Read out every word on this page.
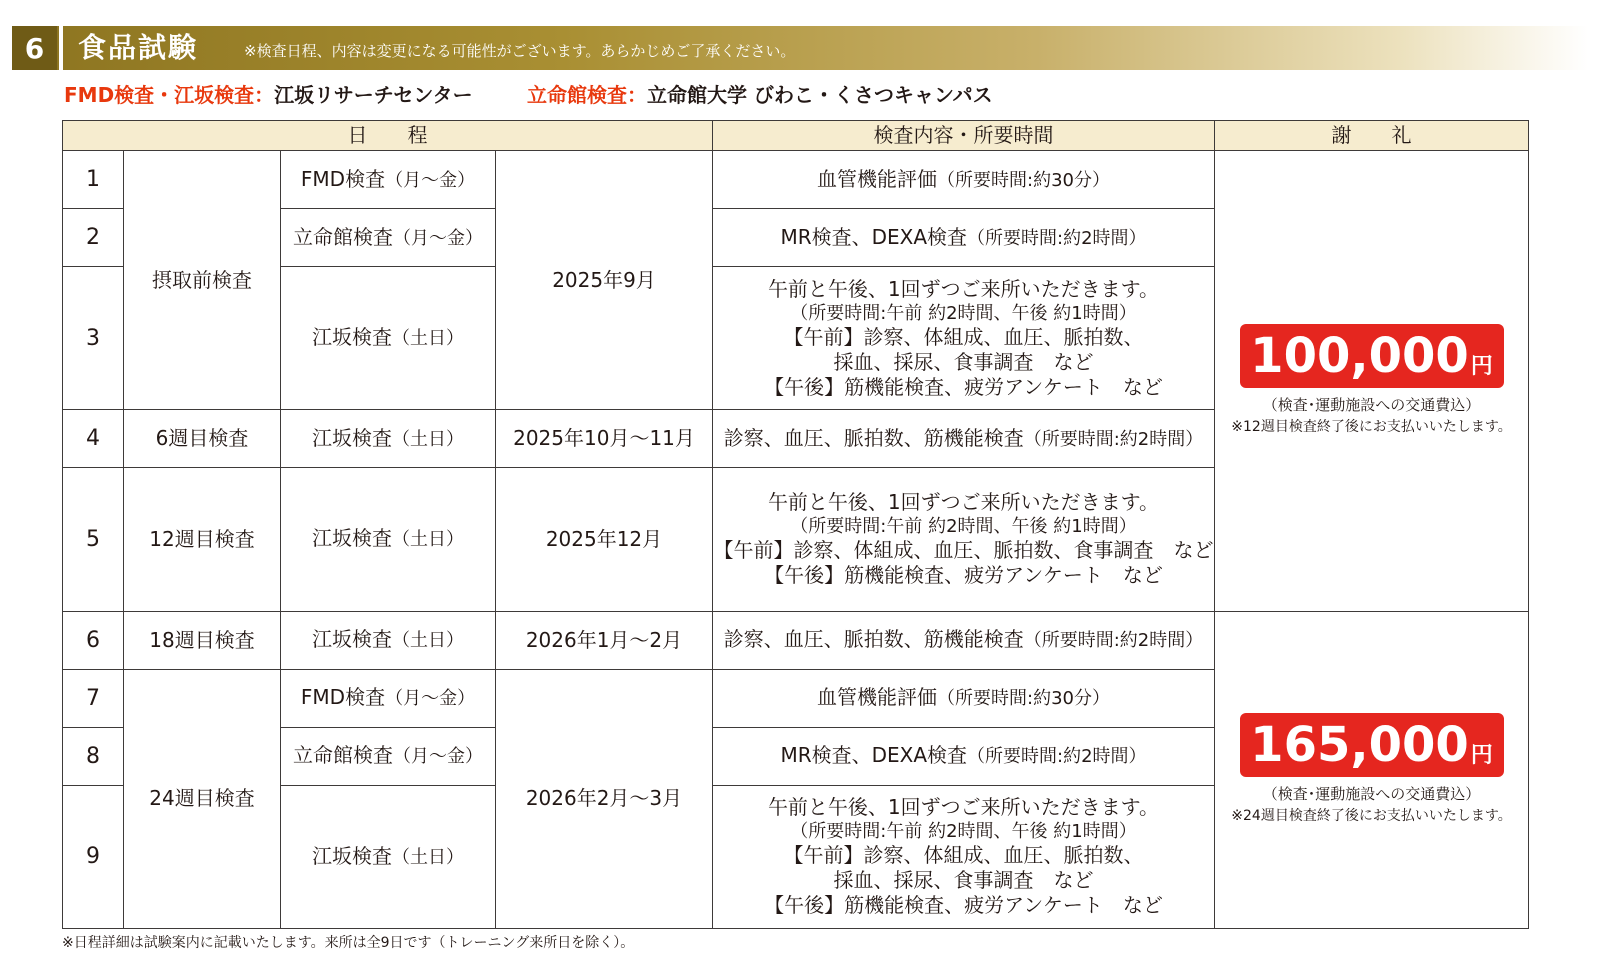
6	食品試験	※検査日程、内容は変更になる可能性がございます。あらかじめご了承ください。
FMD検査・江坂検査：江坂リサーチセンター	立命館検査：立命館大学 びわこ・くさつキャンパス
日　　程				検査内容・所要時間	謝　　礼
1	摂取前検査	FMD検査（月～金）	2025年9月	血管機能評価（所要時間:約30分）	100,000 円
（検査･運動施設への交通費込）
※12週目検査終了後にお支払いいたします。

2		立命館検査（月～金）		MR検査、DEXA検査（所要時間:約2時間）	
3		江坂検査（土日）		午前と午後、1回ずつご来所いただきます。
（所要時間:午前 約2時間、午後 約1時間）
【午前】診察、体組成、血圧、脈拍数、
採血、採尿、食事調査　など
【午後】筋機能検査、疲労アンケート　など	

4	6週目検査	江坂検査（土日）	2025年10月～11月	診察、血圧、脈拍数、筋機能検査（所要時間:約2時間）	
5	12週目検査	江坂検査（土日）	2025年12月	午前と午後、1回ずつご来所いただきます。
（所要時間:午前 約2時間、午後 約1時間）
【午前】診察、体組成、血圧、脈拍数、食事調査　など
【午後】筋機能検査、疲労アンケート　など	

6	18週目検査	江坂検査（土日）	2026年1月～2月	診察、血圧、脈拍数、筋機能検査（所要時間:約2時間）	165,000 円
（検査･運動施設への交通費込）
※24週目検査終了後にお支払いいたします。

7	24週目検査	FMD検査（月～金）	2026年2月～3月	血管機能評価（所要時間:約30分）	
8		立命館検査（月～金）		MR検査、DEXA検査（所要時間:約2時間）	
9		江坂検査（土日）		午前と午後、1回ずつご来所いただきます。
（所要時間:午前 約2時間、午後 約1時間）
【午前】診察、体組成、血圧、脈拍数、
採血、採尿、食事調査　など
【午後】筋機能検査、疲労アンケート　など	
※日程詳細は試験案内に記載いたします。来所は全9日です（トレーニング来所日を除く）。
